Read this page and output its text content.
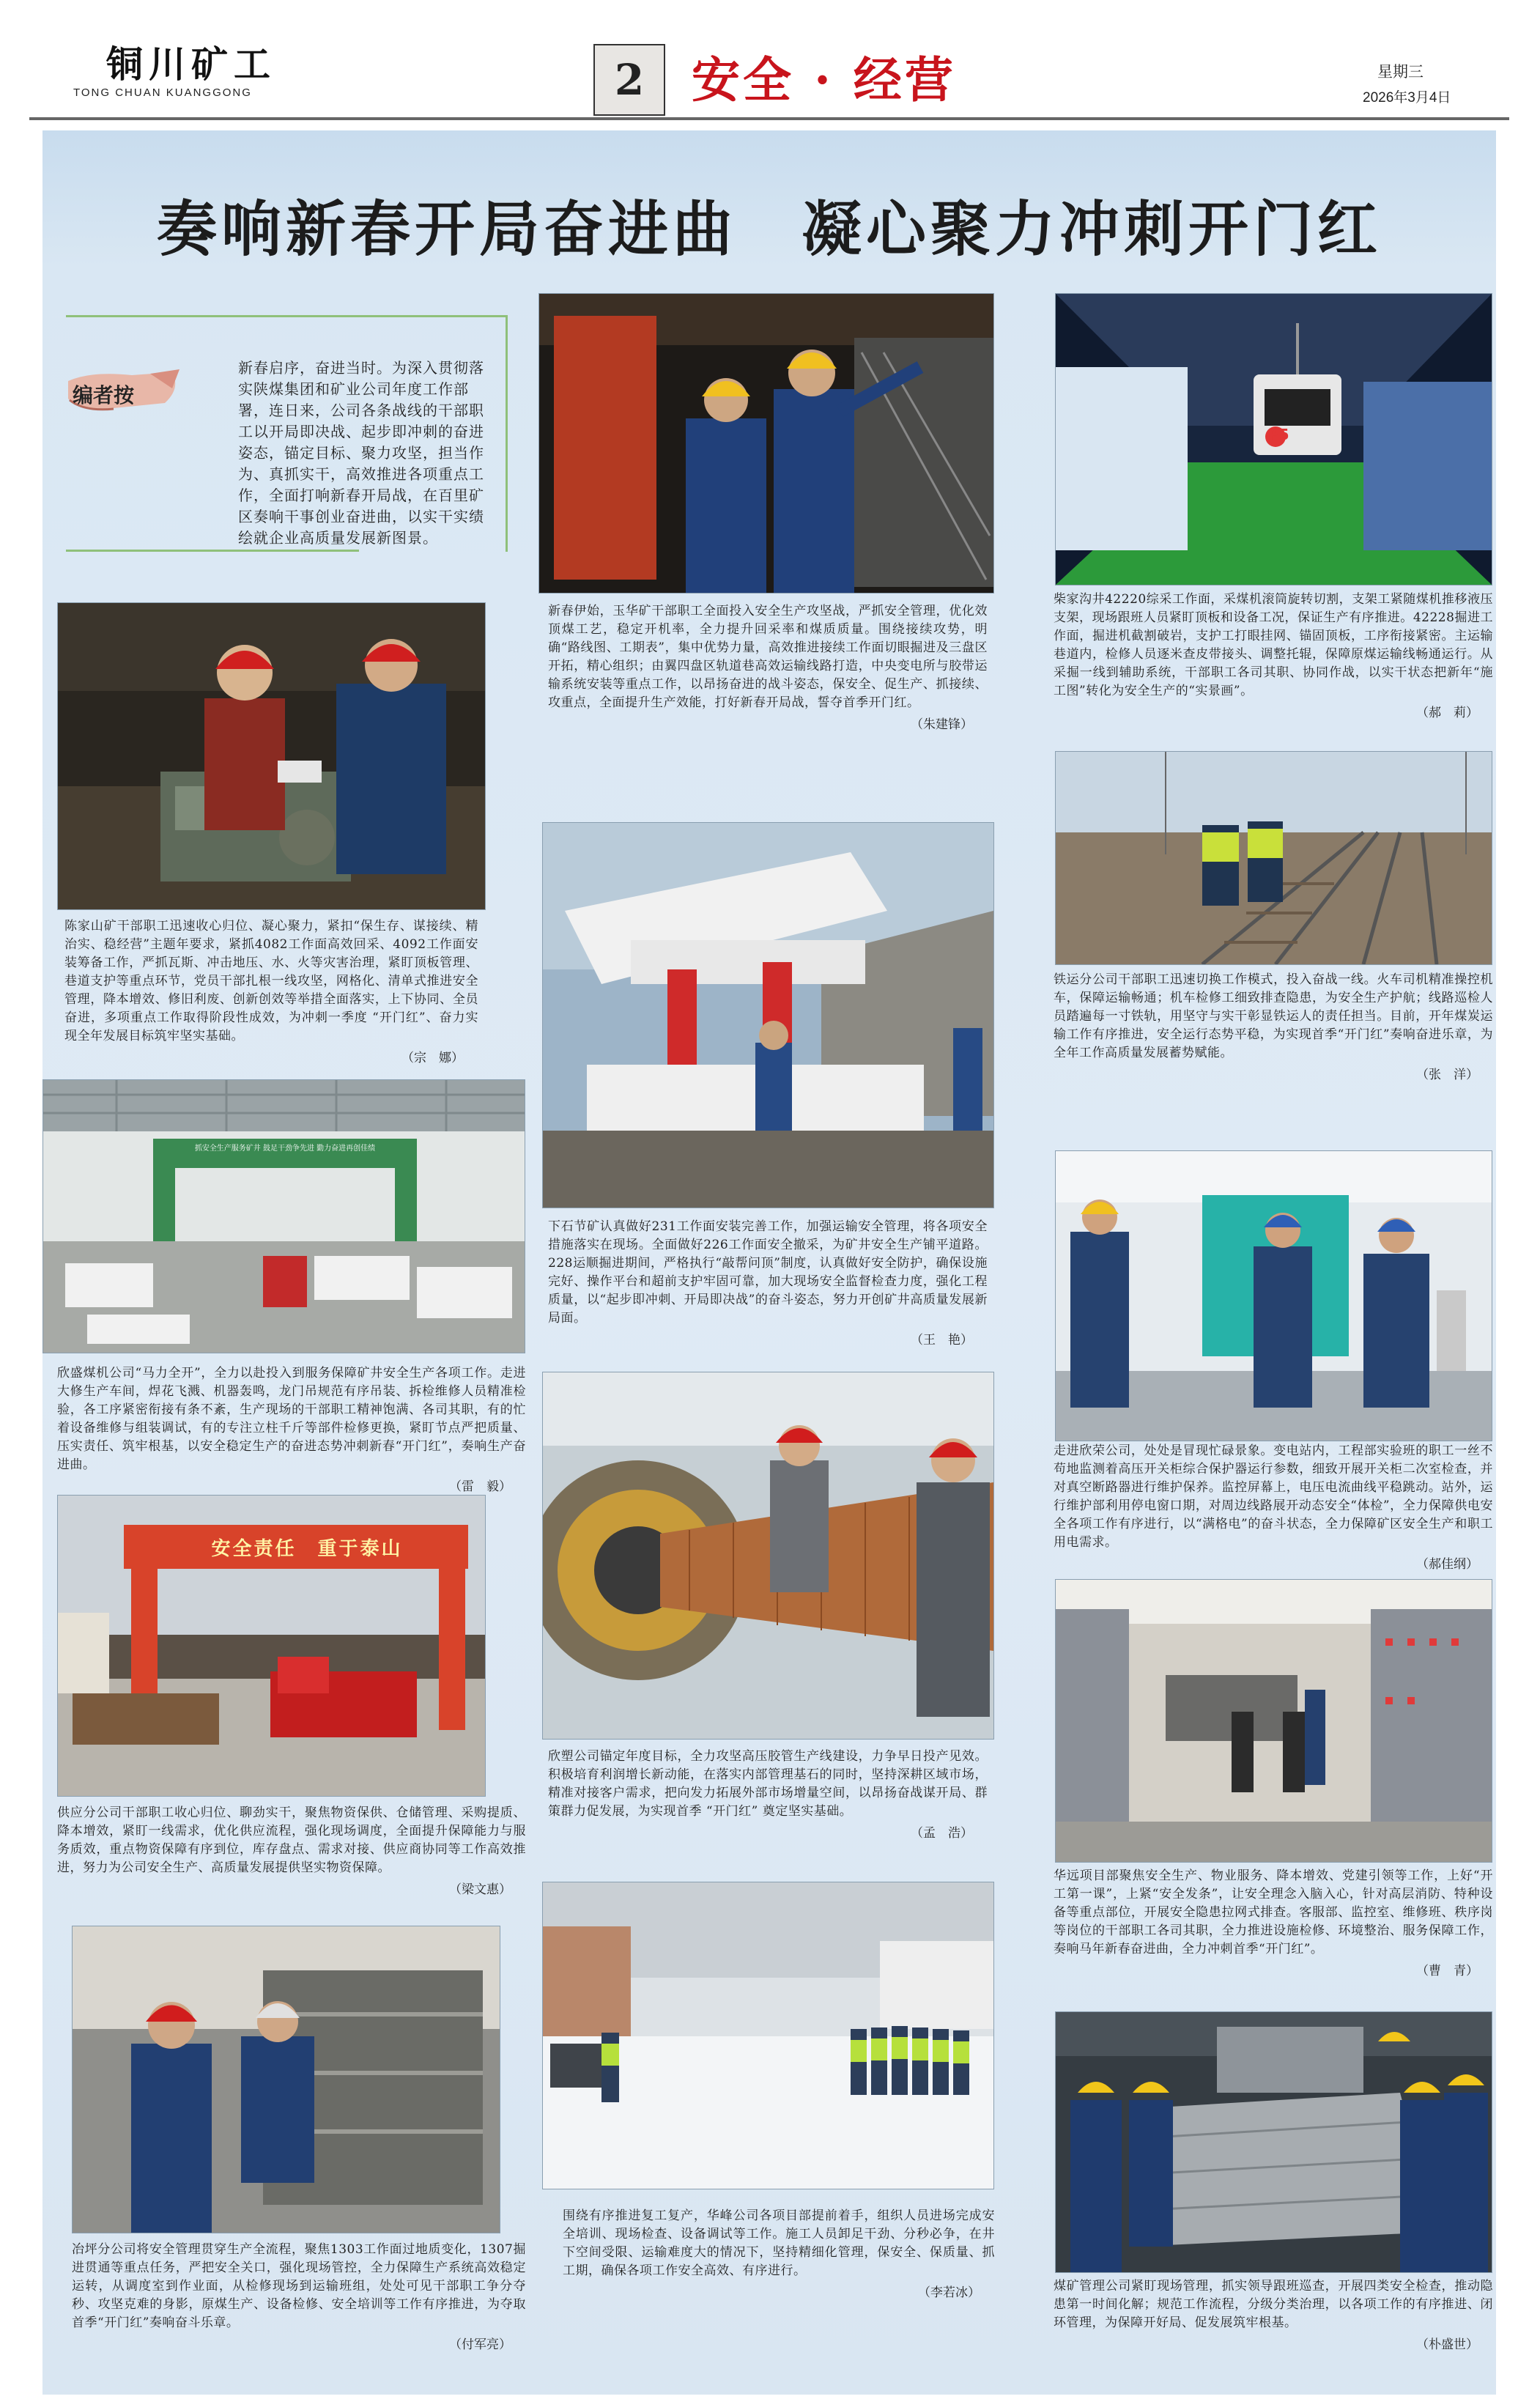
铜川矿工
TONG CHUAN KUANGGONG	2 安全 · 经营	星期三
2026年3月4日
奏响新春开局奋进曲　凝心聚力冲刺开门红
编者按
新春启序，奋进当时。为深入贯彻落实陕煤集团和矿业公司年度工作部署，连日来，公司各条战线的干部职工以开局即决战、起步即冲刺的奋进姿态，锚定目标、聚力攻坚，担当作为、真抓实干，高效推进各项重点工作，全面打响新春开局战，在百里矿区奏响干事创业奋进曲，以实干实绩绘就企业高质量发展新图景。
陈家山矿干部职工迅速收心归位、凝心聚力，紧扣“保生存、谋接续、精治实、稳经营”主题年要求，紧抓4082工作面高效回采、4092工作面安装筹备工作，严抓瓦斯、冲击地压、水、火等灾害治理，紧盯顶板管理、巷道支护等重点环节，党员干部扎根一线攻坚，网格化、清单式推进安全管理，降本增效、修旧利废、创新创效等举措全面落实，上下协同、全员奋进，多项重点工作取得阶段性成效，为冲刺一季度 “开门红”、奋力实现全年发展目标筑牢坚实基础。
（宗　娜）
抓安全生产服务矿井 鼓足干劲争先进 勤力奋进再创佳绩
欣盛煤机公司“马力全开”，全力以赴投入到服务保障矿井安全生产各项工作。走进大修生产车间，焊花飞溅、机器轰鸣，龙门吊规范有序吊装、拆检维修人员精准检验，各工序紧密衔接有条不紊，生产现场的干部职工精神饱满、各司其职，有的忙着设备维修与组装调试，有的专注立柱千斤等部件检修更换，紧盯节点严把质量、压实责任、筑牢根基，以安全稳定生产的奋进态势冲刺新春“开门红”，奏响生产奋进曲。
（雷　毅）
安全责任　重于泰山
供应分公司干部职工收心归位、聊劲实干，聚焦物资保供、仓储管理、采购提质、降本增效，紧盯一线需求，优化供应流程，强化现场调度，全面提升保障能力与服务质效，重点物资保障有序到位，库存盘点、需求对接、供应商协同等工作高效推进，努力为公司安全生产、高质量发展提供坚实物资保障。
（梁文惠）
冶坪分公司将安全管理贯穿生产全流程，聚焦1303工作面过地质变化，1307掘进贯通等重点任务，严把安全关口，强化现场管控，全力保障生产系统高效稳定运转，从调度室到作业面，从检修现场到运输班组，处处可见干部职工争分夺秒、攻坚克难的身影，原煤生产、设备检修、安全培训等工作有序推进，为夺取首季“开门红”奏响奋斗乐章。
（付军亮）
新春伊始，玉华矿干部职工全面投入安全生产攻坚战，严抓安全管理，优化效顶煤工艺，稳定开机率，全力提升回采率和煤质质量。围绕接续攻势，明确“路线图、工期表”，集中优势力量，高效推进接续工作面切眼掘进及三盘区开拓，精心组织；由翼四盘区轨道巷高效运输线路打造，中央变电所与胶带运输系统安装等重点工作，以昂扬奋进的战斗姿态，保安全、促生产、抓接续、攻重点，全面提升生产效能，打好新春开局战，誓夺首季开门红。
（朱建锋）
下石节矿认真做好231工作面安装完善工作，加强运输安全管理，将各项安全措施落实在现场。全面做好226工作面安全撤采，为矿井安全生产铺平道路。228运顺掘进期间，严格执行“敲帮问顶”制度，认真做好安全防护，确保设施完好、操作平台和超前支护牢固可靠，加大现场安全监督检查力度，强化工程质量，以“起步即冲刺、开局即决战”的奋斗姿态，努力开创矿井高质量发展新局面。
（王　艳）
欣塑公司锚定年度目标，全力攻坚高压胶管生产线建设，力争早日投产见效。积极培育利润增长新动能，在落实内部管理基石的同时，坚持深耕区域市场，精准对接客户需求，把向发力拓展外部市场增量空间，以昂扬奋战谋开局、群策群力促发展，为实现首季 “开门红” 奠定坚实基础。
（孟　浩）
围绕有序推进复工复产，华峰公司各项目部提前着手，组织人员进场完成安全培训、现场检查、设备调试等工作。施工人员卸足干劲、分秒必争，在井下空间受限、运输难度大的情况下，坚持精细化管理，保安全、保质量、抓工期，确保各项工作安全高效、有序进行。
（李若冰）
P5
柴家沟井42220综采工作面，采煤机滚筒旋转切割，支架工紧随煤机推移液压支架，现场跟班人员紧盯顶板和设备工况，保证生产有序推进。42228掘进工作面，掘进机截割破岩，支护工打眼挂网、锚固顶板，工序衔接紧密。主运输巷道内，检修人员逐米查皮带接头、调整托辊，保障原煤运输线畅通运行。从采掘一线到辅助系统，干部职工各司其职、协同作战，以实干状态把新年“施工图”转化为安全生产的“实景画”。
（郝　莉）
铁运分公司干部职工迅速切换工作模式，投入奋战一线。火车司机精准操控机车，保障运输畅通；机车检修工细致排查隐患，为安全生产护航；线路巡检人员踏遍每一寸铁轨，用坚守与实干彰显铁运人的责任担当。目前，开年煤炭运输工作有序推进，安全运行态势平稳，为实现首季“开门红”奏响奋进乐章，为全年工作高质量发展蓄势赋能。
（张　洋）
走进欣荣公司，处处是冒现忙碌景象。变电站内，工程部实验班的职工一丝不苟地监测着高压开关柜综合保护器运行参数，细致开展开关柜二次室检查，并对真空断路器进行维护保养。监控屏幕上，电压电流曲线平稳跳动。站外，运行维护部利用停电窗口期，对周边线路展开动态安全“体检”，全力保障供电安全各项工作有序进行，以“满格电”的奋斗状态，全力保障矿区安全生产和职工用电需求。
（郝佳纲）
华远项目部聚焦安全生产、物业服务、降本增效、党建引领等工作，上好“开工第一课”，上紧“安全发条”，让安全理念入脑入心，针对高层消防、特种设备等重点部位，开展安全隐患拉网式排查。客服部、监控室、维修班、秩序岗等岗位的干部职工各司其职，全力推进设施检修、环境整治、服务保障工作，奏响马年新春奋进曲，全力冲刺首季“开门红”。
（曹　青）
煤矿管理公司紧盯现场管理，抓实领导跟班巡查，开展四类安全检查，推动隐患第一时间化解；规范工作流程，分级分类治理，以各项工作的有序推进、闭环管理，为保障开好局、促发展筑牢根基。
（朴盛世）
